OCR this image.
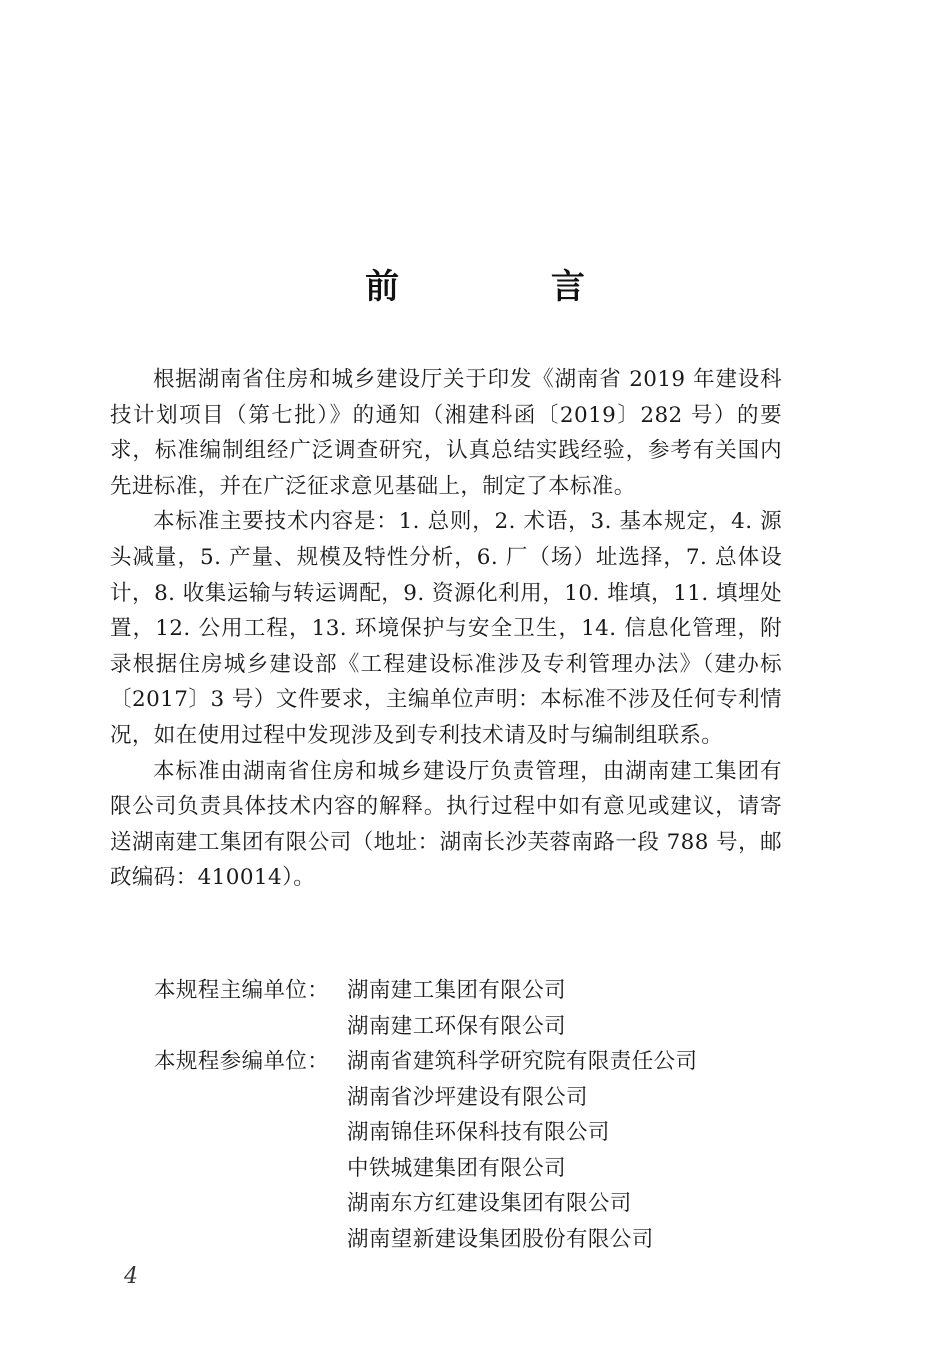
前 言

根据湖南省住房和城乡建设厅关于印发《湖南省 2019 年建设科技计划项目（第七批）》的通知（湘建科函〔2019〕282 号）的要求，标准编制组经广泛调查研究，认真总结实践经验，参考有关国内先进标准，并在广泛征求意见基础上，制定了本标准。

本标准主要技术内容是：1. 总则，2. 术语，3. 基本规定，4. 源头减量，5. 产量、规模及特性分析，6. 厂（场）址选择，7. 总体设计，8. 收集运输与转运调配，9. 资源化利用，10. 堆填，11. 填埋处置，12. 公用工程，13. 环境保护与安全卫生，14. 信息化管理，附录根据住房城乡建设部《工程建设标准涉及专利管理办法》（建办标〔2017〕3 号）文件要求，主编单位声明：本标准不涉及任何专利情况，如在使用过程中发现涉及到专利技术请及时与编制组联系。

本标准由湖南省住房和城乡建设厅负责管理，由湖南建工集团有限公司负责具体技术内容的解释。执行过程中如有意见或建议，请寄送湖南建工集团有限公司（地址：湖南长沙芙蓉南路一段 788 号，邮政编码：410014）。

本规程主编单位： 湖南建工集团有限公司
湖南建工环保有限公司
本规程参编单位： 湖南省建筑科学研究院有限责任公司
湖南省沙坪建设有限公司
湖南锦佳环保科技有限公司
中铁城建集团有限公司
湖南东方红建设集团有限公司
湖南望新建设集团股份有限公司
4
